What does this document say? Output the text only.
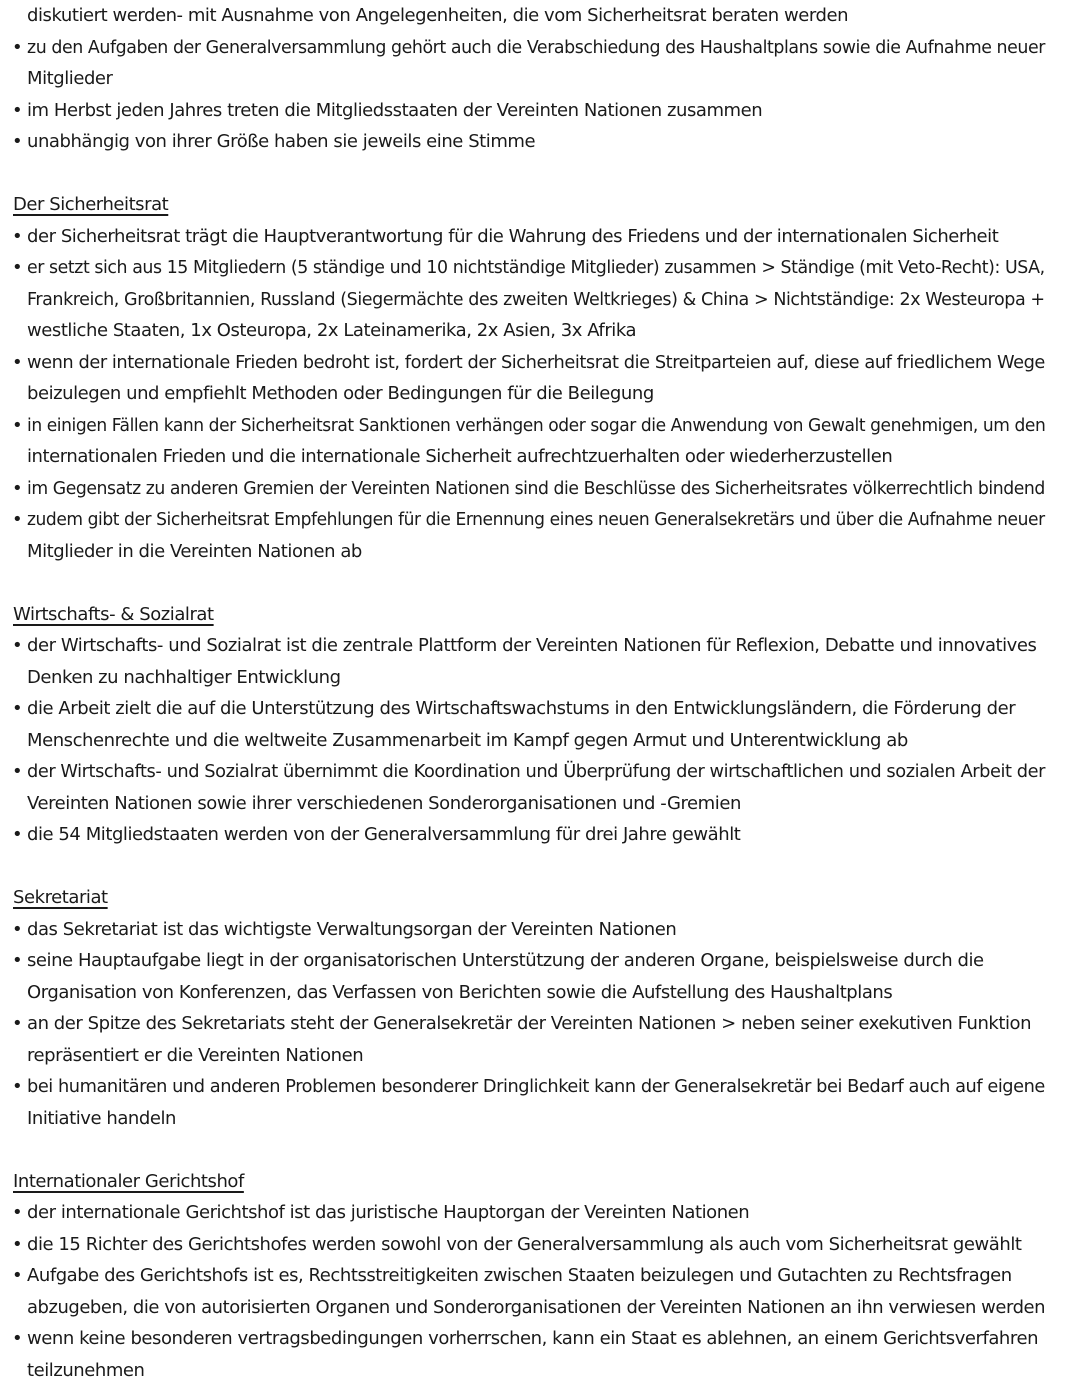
diskutiert werden- mit Ausnahme von Angelegenheiten, die vom Sicherheitsrat beraten werden
• zu den Aufgaben der Generalversammlung gehört auch die Verabschiedung des Haushaltplans sowie die Aufnahme neuer
Mitglieder
• im Herbst jeden Jahres treten die Mitgliedsstaaten der Vereinten Nationen zusammen
• unabhängig von ihrer Größe haben sie jeweils eine Stimme
Der Sicherheitsrat
• der Sicherheitsrat trägt die Hauptverantwortung für die Wahrung des Friedens und der internationalen Sicherheit
• er setzt sich aus 15 Mitgliedern (5 ständige und 10 nichtständige Mitglieder) zusammen > Ständige (mit Veto-Recht): USA,
Frankreich, Großbritannien, Russland (Siegermächte des zweiten Weltkrieges) & China > Nichtständige: 2x Westeuropa +
westliche Staaten, 1x Osteuropa, 2x Lateinamerika, 2x Asien, 3x Afrika
• wenn der internationale Frieden bedroht ist, fordert der Sicherheitsrat die Streitparteien auf, diese auf friedlichem Wege
beizulegen und empfiehlt Methoden oder Bedingungen für die Beilegung
• in einigen Fällen kann der Sicherheitsrat Sanktionen verhängen oder sogar die Anwendung von Gewalt genehmigen, um den
internationalen Frieden und die internationale Sicherheit aufrechtzuerhalten oder wiederherzustellen
• im Gegensatz zu anderen Gremien der Vereinten Nationen sind die Beschlüsse des Sicherheitsrates völkerrechtlich bindend
• zudem gibt der Sicherheitsrat Empfehlungen für die Ernennung eines neuen Generalsekretärs und über die Aufnahme neuer
Mitglieder in die Vereinten Nationen ab
Wirtschafts- & Sozialrat
• der Wirtschafts- und Sozialrat ist die zentrale Plattform der Vereinten Nationen für Reflexion, Debatte und innovatives
Denken zu nachhaltiger Entwicklung
• die Arbeit zielt die auf die Unterstützung des Wirtschaftswachstums in den Entwicklungsländern, die Förderung der
Menschenrechte und die weltweite Zusammenarbeit im Kampf gegen Armut und Unterentwicklung ab
• der Wirtschafts- und Sozialrat übernimmt die Koordination und Überprüfung der wirtschaftlichen und sozialen Arbeit der
Vereinten Nationen sowie ihrer verschiedenen Sonderorganisationen und -Gremien
• die 54 Mitgliedstaaten werden von der Generalversammlung für drei Jahre gewählt
Sekretariat
• das Sekretariat ist das wichtigste Verwaltungsorgan der Vereinten Nationen
• seine Hauptaufgabe liegt in der organisatorischen Unterstützung der anderen Organe, beispielsweise durch die
Organisation von Konferenzen, das Verfassen von Berichten sowie die Aufstellung des Haushaltplans
• an der Spitze des Sekretariats steht der Generalsekretär der Vereinten Nationen > neben seiner exekutiven Funktion
repräsentiert er die Vereinten Nationen
• bei humanitären und anderen Problemen besonderer Dringlichkeit kann der Generalsekretär bei Bedarf auch auf eigene
Initiative handeln
Internationaler Gerichtshof
• der internationale Gerichtshof ist das juristische Hauptorgan der Vereinten Nationen
• die 15 Richter des Gerichtshofes werden sowohl von der Generalversammlung als auch vom Sicherheitsrat gewählt
• Aufgabe des Gerichtshofs ist es, Rechtsstreitigkeiten zwischen Staaten beizulegen und Gutachten zu Rechtsfragen
abzugeben, die von autorisierten Organen und Sonderorganisationen der Vereinten Nationen an ihn verwiesen werden
• wenn keine besonderen vertragsbedingungen vorherrschen, kann ein Staat es ablehnen, an einem Gerichtsverfahren
teilzunehmen
